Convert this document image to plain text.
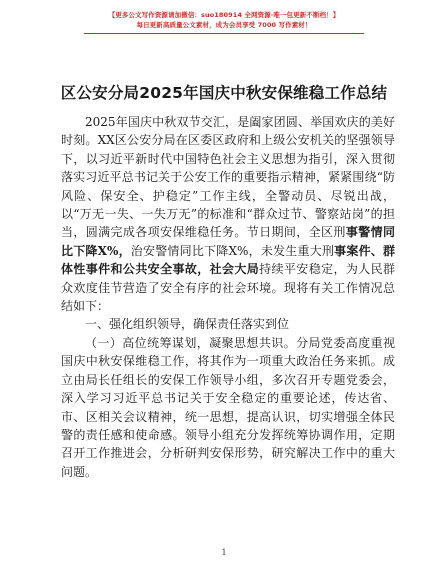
【更多公文写作资源请加微信：suo180914 全网资源·唯一包更新不断档！】
每日更新高质量公文素材，成为会员享受 7000 写作素材！
区公安分局2025年国庆中秋安保维稳工作总结

2025年国庆中秋双节交汇，是阖家团圆、举国欢庆的美好时刻。XX区公安分局在区委区政府和上级公安机关的坚强领导下，以习近平新时代中国特色社会主义思想为指引，深入贯彻落实习近平总书记关于公安工作的重要指示精神，紧紧围绕“防风险、保安全、护稳定”工作主线，全警动员、尽锐出战，以“万无一失、一失万无”的标准和“群众过节、警察站岗”的担当，圆满完成各项安保维稳任务。节日期间，全区刑事警情同比下降X%，治安警情同比下降X%，未发生重大刑事案件、群体性事件和公共安全事故，社会大局持续平安稳定，为人民群众欢度佳节营造了安全有序的社会环境。现将有关工作情况总结如下：

一、强化组织领导，确保责任落实到位

（一）高位统筹谋划，凝聚思想共识。分局党委高度重视国庆中秋安保维稳工作，将其作为一项重大政治任务来抓。成立由局长任组长的安保工作领导小组，多次召开专题党委会，深入学习习近平总书记关于安全稳定的重要论述，传达省、市、区相关会议精神，统一思想，提高认识，切实增强全体民警的责任感和使命感。领导小组充分发挥统筹协调作用，定期召开工作推进会，分析研判安保形势，研究解决工作中的重大问题。

1
